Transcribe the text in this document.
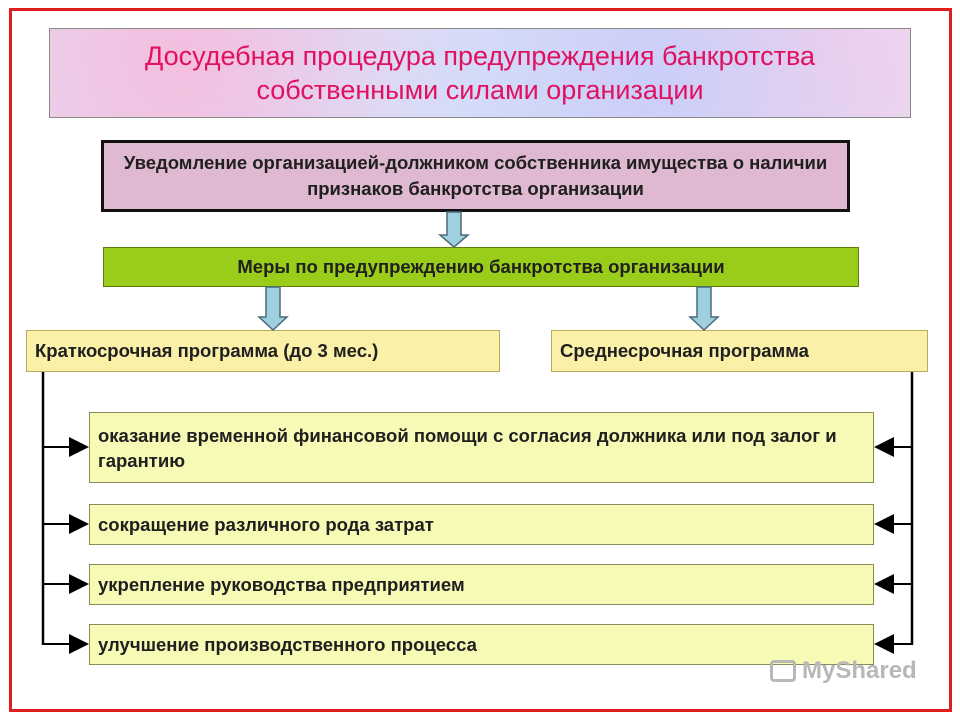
Досудебная процедура предупреждения банкротства собственными силами организации
Уведомление организацией-должником собственника имущества о наличии признаков банкротства организации
Меры по предупреждению банкротства организации
Краткосрочная программа (до 3 мес.)	Среднесрочная программа
оказание временной финансовой помощи с согласия должника или под залог и гарантию
сокращение различного рода затрат
укрепление руководства предприятием
улучшение производственного процесса
MyShared
